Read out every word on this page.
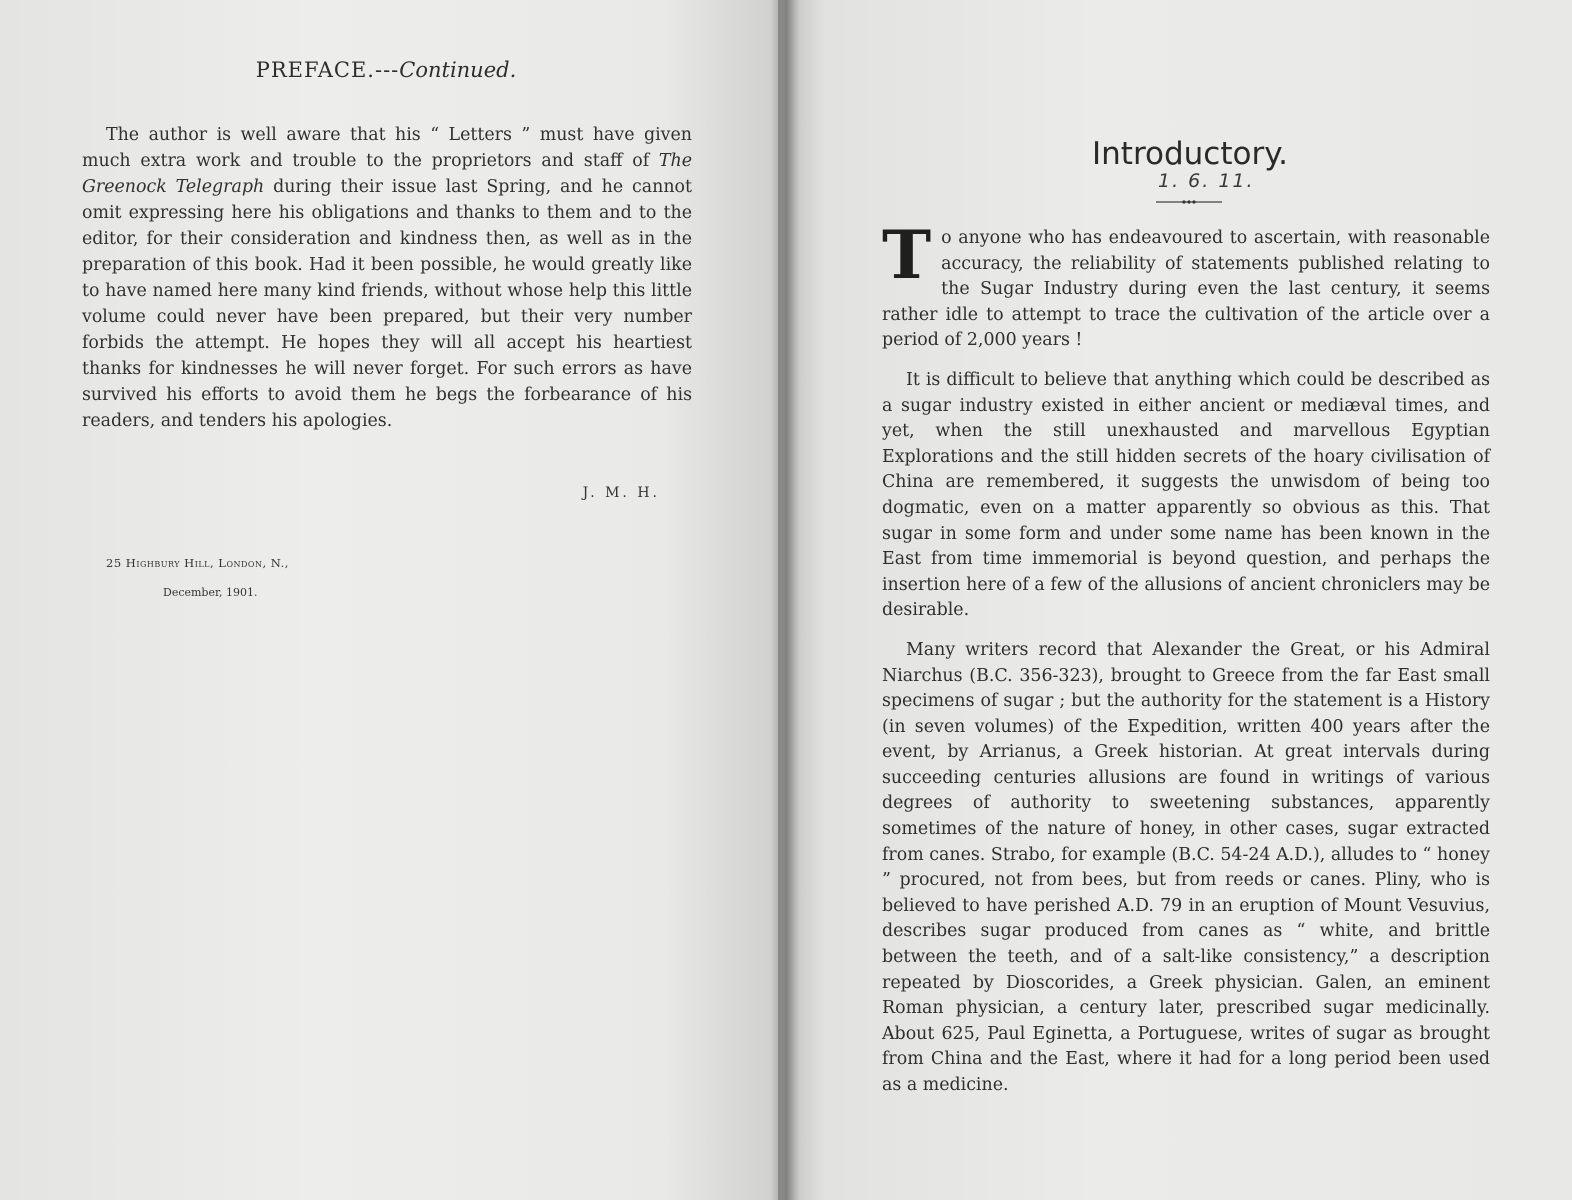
PREFACE.---Continued.

The author is well aware that his “ Letters ” must have given much extra work and trouble to the proprietors and staff of The Greenock Telegraph during their issue last Spring, and he cannot omit expressing here his obligations and thanks to them and to the editor, for their consideration and kindness then, as well as in the preparation of this book. Had it been possible, he would greatly like to have named here many kind friends, without whose help this little volume could never have been prepared, but their very number forbids the attempt. He hopes they will all accept his heartiest thanks for kindnesses he will never forget. For such errors as have survived his efforts to avoid them he begs the forbearance of his readers, and tenders his apologies.

J. M. H.
25 Highbury Hill, London, N.,
December, 1901.
Introductory.
1. 6. 11.

To anyone who has endeavoured to ascertain, with reasonable accuracy, the reliability of statements published relating to the Sugar Industry during even the last century, it seems rather idle to attempt to trace the cultivation of the article over a period of 2,000 years !

It is difficult to believe that anything which could be described as a sugar industry existed in either ancient or mediæval times, and yet, when the still unexhausted and marvellous Egyptian Explorations and the still hidden secrets of the hoary civilisation of China are remembered, it suggests the unwisdom of being too dogmatic, even on a matter apparently so obvious as this. That sugar in some form and under some name has been known in the East from time immemorial is beyond question, and perhaps the insertion here of a few of the allusions of ancient chroniclers may be desirable.

Many writers record that Alexander the Great, or his Admiral Niarchus (B.C. 356-323), brought to Greece from the far East small specimens of sugar ; but the authority for the statement is a History (in seven volumes) of the Expedition, written 400 years after the event, by Arrianus, a Greek historian. At great intervals during succeeding centuries allusions are found in writings of various degrees of authority to sweetening substances, apparently sometimes of the nature of honey, in other cases, sugar extracted from canes. Strabo, for example (B.C. 54-24 A.D.), alludes to “ honey ” procured, not from bees, but from reeds or canes. Pliny, who is believed to have perished A.D. 79 in an eruption of Mount Vesuvius, describes sugar produced from canes as “ white, and brittle between the teeth, and of a salt-like consistency,” a description repeated by Dioscorides, a Greek physician. Galen, an eminent Roman physician, a century later, prescribed sugar medicinally. About 625, Paul Eginetta, a Portuguese, writes of sugar as brought from China and the East, where it had for a long period been used as a medicine.
